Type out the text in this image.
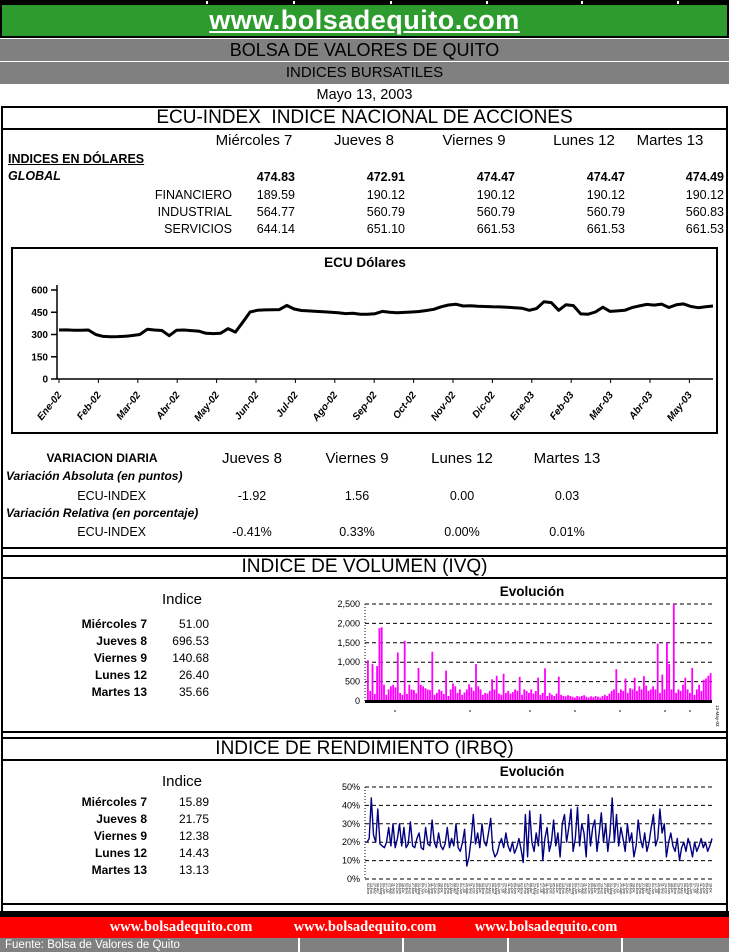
www.bolsadequito.com
BOLSA DE VALORES DE QUITO
INDICES BURSATILES
Mayo 13, 2003
ECU-INDEX  INDICE NACIONAL DE ACCIONES
Miércoles 7	Jueves 8	Viernes 9	Lunes 12	Martes 13
INDICES EN DÓLARES
GLOBAL	474.83	472.91	474.47	474.47	474.49
FINANCIERO	189.59	190.12	190.12	190.12	190.12
INDUSTRIAL	564.77	560.79	560.79	560.79	560.83
SERVICIOS	644.14	651.10	661.53	661.53	661.53
ECU Dólares
0
150
300
450
600
Ene-02 Feb-02 Mar-02 Abr-02 May-02 Jun-02 Jul-02 Ago-02 Sep-02 Oct-02 Nov-02 Dic-02 Ene-03 Feb-03 Mar-03 Abr-03 May-03
VARIACION DIARIA	Jueves 8	Viernes 9	Lunes 12	Martes 13
Variación Absoluta (en puntos)
ECU-INDEX	-1.92	1.56	0.00	0.03
Variación Relativa (en porcentaje)
ECU-INDEX	-0.41%	0.33%	0.00%	0.01%
INDICE DE VOLUMEN (IVQ)
Indice
Miércoles 7	51.00
Jueves 8	696.53
Viernes 9	140.68
Lunes 12	26.40
Martes 13	35.66
Evolución
0
500
1,000
1,500
2,000
2,500
13-May-03
INDICE DE RENDIMIENTO (IRBQ)
Indice
Miércoles 7	15.89
Jueves 8	21.75
Viernes 9	12.38
Lunes 12	14.43
Martes 13	13.13
Evolución
0%
10%
20%
30%
40%
50%
02-Ene 13-Feb 27-Mar 08-Abr 21-May 04-Jun 17-Jul 29-Ago 11-Sep 24-Oct 05-Nov 18-Dic 02-Ene 13-Feb 27-Mar 08-Abr 21-May 04-Jun 17-Jul 29-Ago 11-Sep 24-Oct 05-Nov 18-Dic 02-Ene 13-Feb 27-Mar 08-Abr 21-May 04-Jun 17-Jul 29-Ago 11-Sep 24-Oct 05-Nov 18-Dic 02-Ene 13-Feb 27-Mar 08-Abr 21-May 04-Jun 17-Jul 29-Ago 11-Sep 24-Oct 05-Nov 18-Dic 02-Ene 13-Feb 27-Mar 08-Abr 21-May 04-Jun 17-Jul 29-Ago 11-Sep 24-Oct 05-Nov 18-Dic 02-Ene 13-Feb 27-Mar 08-Abr 21-May 04-Jun 17-Jul 29-Ago 11-Sep 24-Oct 05-Nov 18-Dic 02-Ene 13-Feb 27-Mar 08-Abr 21-May 04-Jun 17-Jul 29-Ago 11-Sep 24-Oct 05-Nov 18-Dic 02-Ene 13-Feb 27-Mar 08-Abr 21-May 04-Jun 17-Jul 29-Ago 11-Sep 24-Oct 05-Nov 18-Dic 02-Ene 13-Feb 27-Mar 08-Abr 21-May 04-Jun 17-Jul 29-Ago 11-Sep 24-Oct 05-Nov 18-Dic
www.bolsadequito.com	www.bolsadequito.com	www.bolsadequito.com
Fuente: Bolsa de Valores de Quito
